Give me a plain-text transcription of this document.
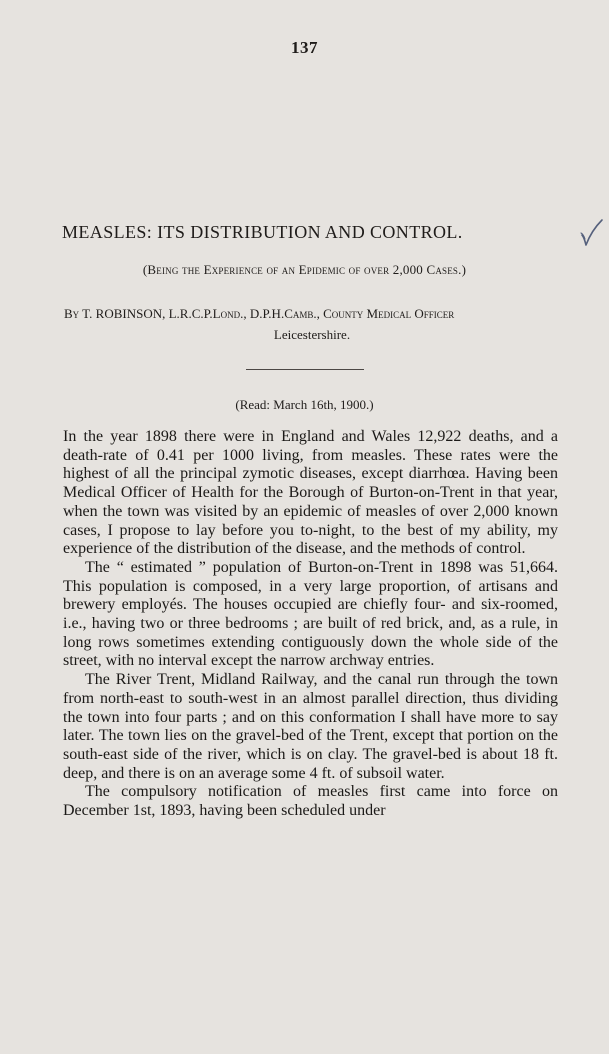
137
MEASLES: ITS DISTRIBUTION AND CONTROL.
(Being the Experience of an Epidemic of over 2,000 Cases.)
By T. ROBINSON, L.R.C.P.Lond., D.P.H.Camb., County Medical Officer
Leicestershire.
(Read: March 16th, 1900.)

In the year 1898 there were in England and Wales 12,922 deaths, and a death-rate of 0.41 per 1000 living, from measles. These rates were the highest of all the principal zymotic diseases, except diarrhœa. Having been Medical Officer of Health for the Borough of Burton-on-Trent in that year, when the town was visited by an epidemic of measles of over 2,000 known cases, I propose to lay before you to-night, to the best of my ability, my experience of the distribution of the disease, and the methods of control.

The “ estimated ” population of Burton-on-Trent in 1898 was 51,664. This population is composed, in a very large proportion, of artisans and brewery employés. The houses occupied are chiefly four- and six-roomed, i.e., having two or three bedrooms ; are built of red brick, and, as a rule, in long rows sometimes extending contiguously down the whole side of the street, with no interval except the narrow archway entries.

The River Trent, Midland Railway, and the canal run through the town from north-east to south-west in an almost parallel direction, thus dividing the town into four parts ; and on this conformation I shall have more to say later. The town lies on the gravel-bed of the Trent, except that portion on the south-east side of the river, which is on clay. The gravel-bed is about 18 ft. deep, and there is on an average some 4 ft. of subsoil water.

The compulsory notification of measles first came into force on December 1st, 1893, having been scheduled under
